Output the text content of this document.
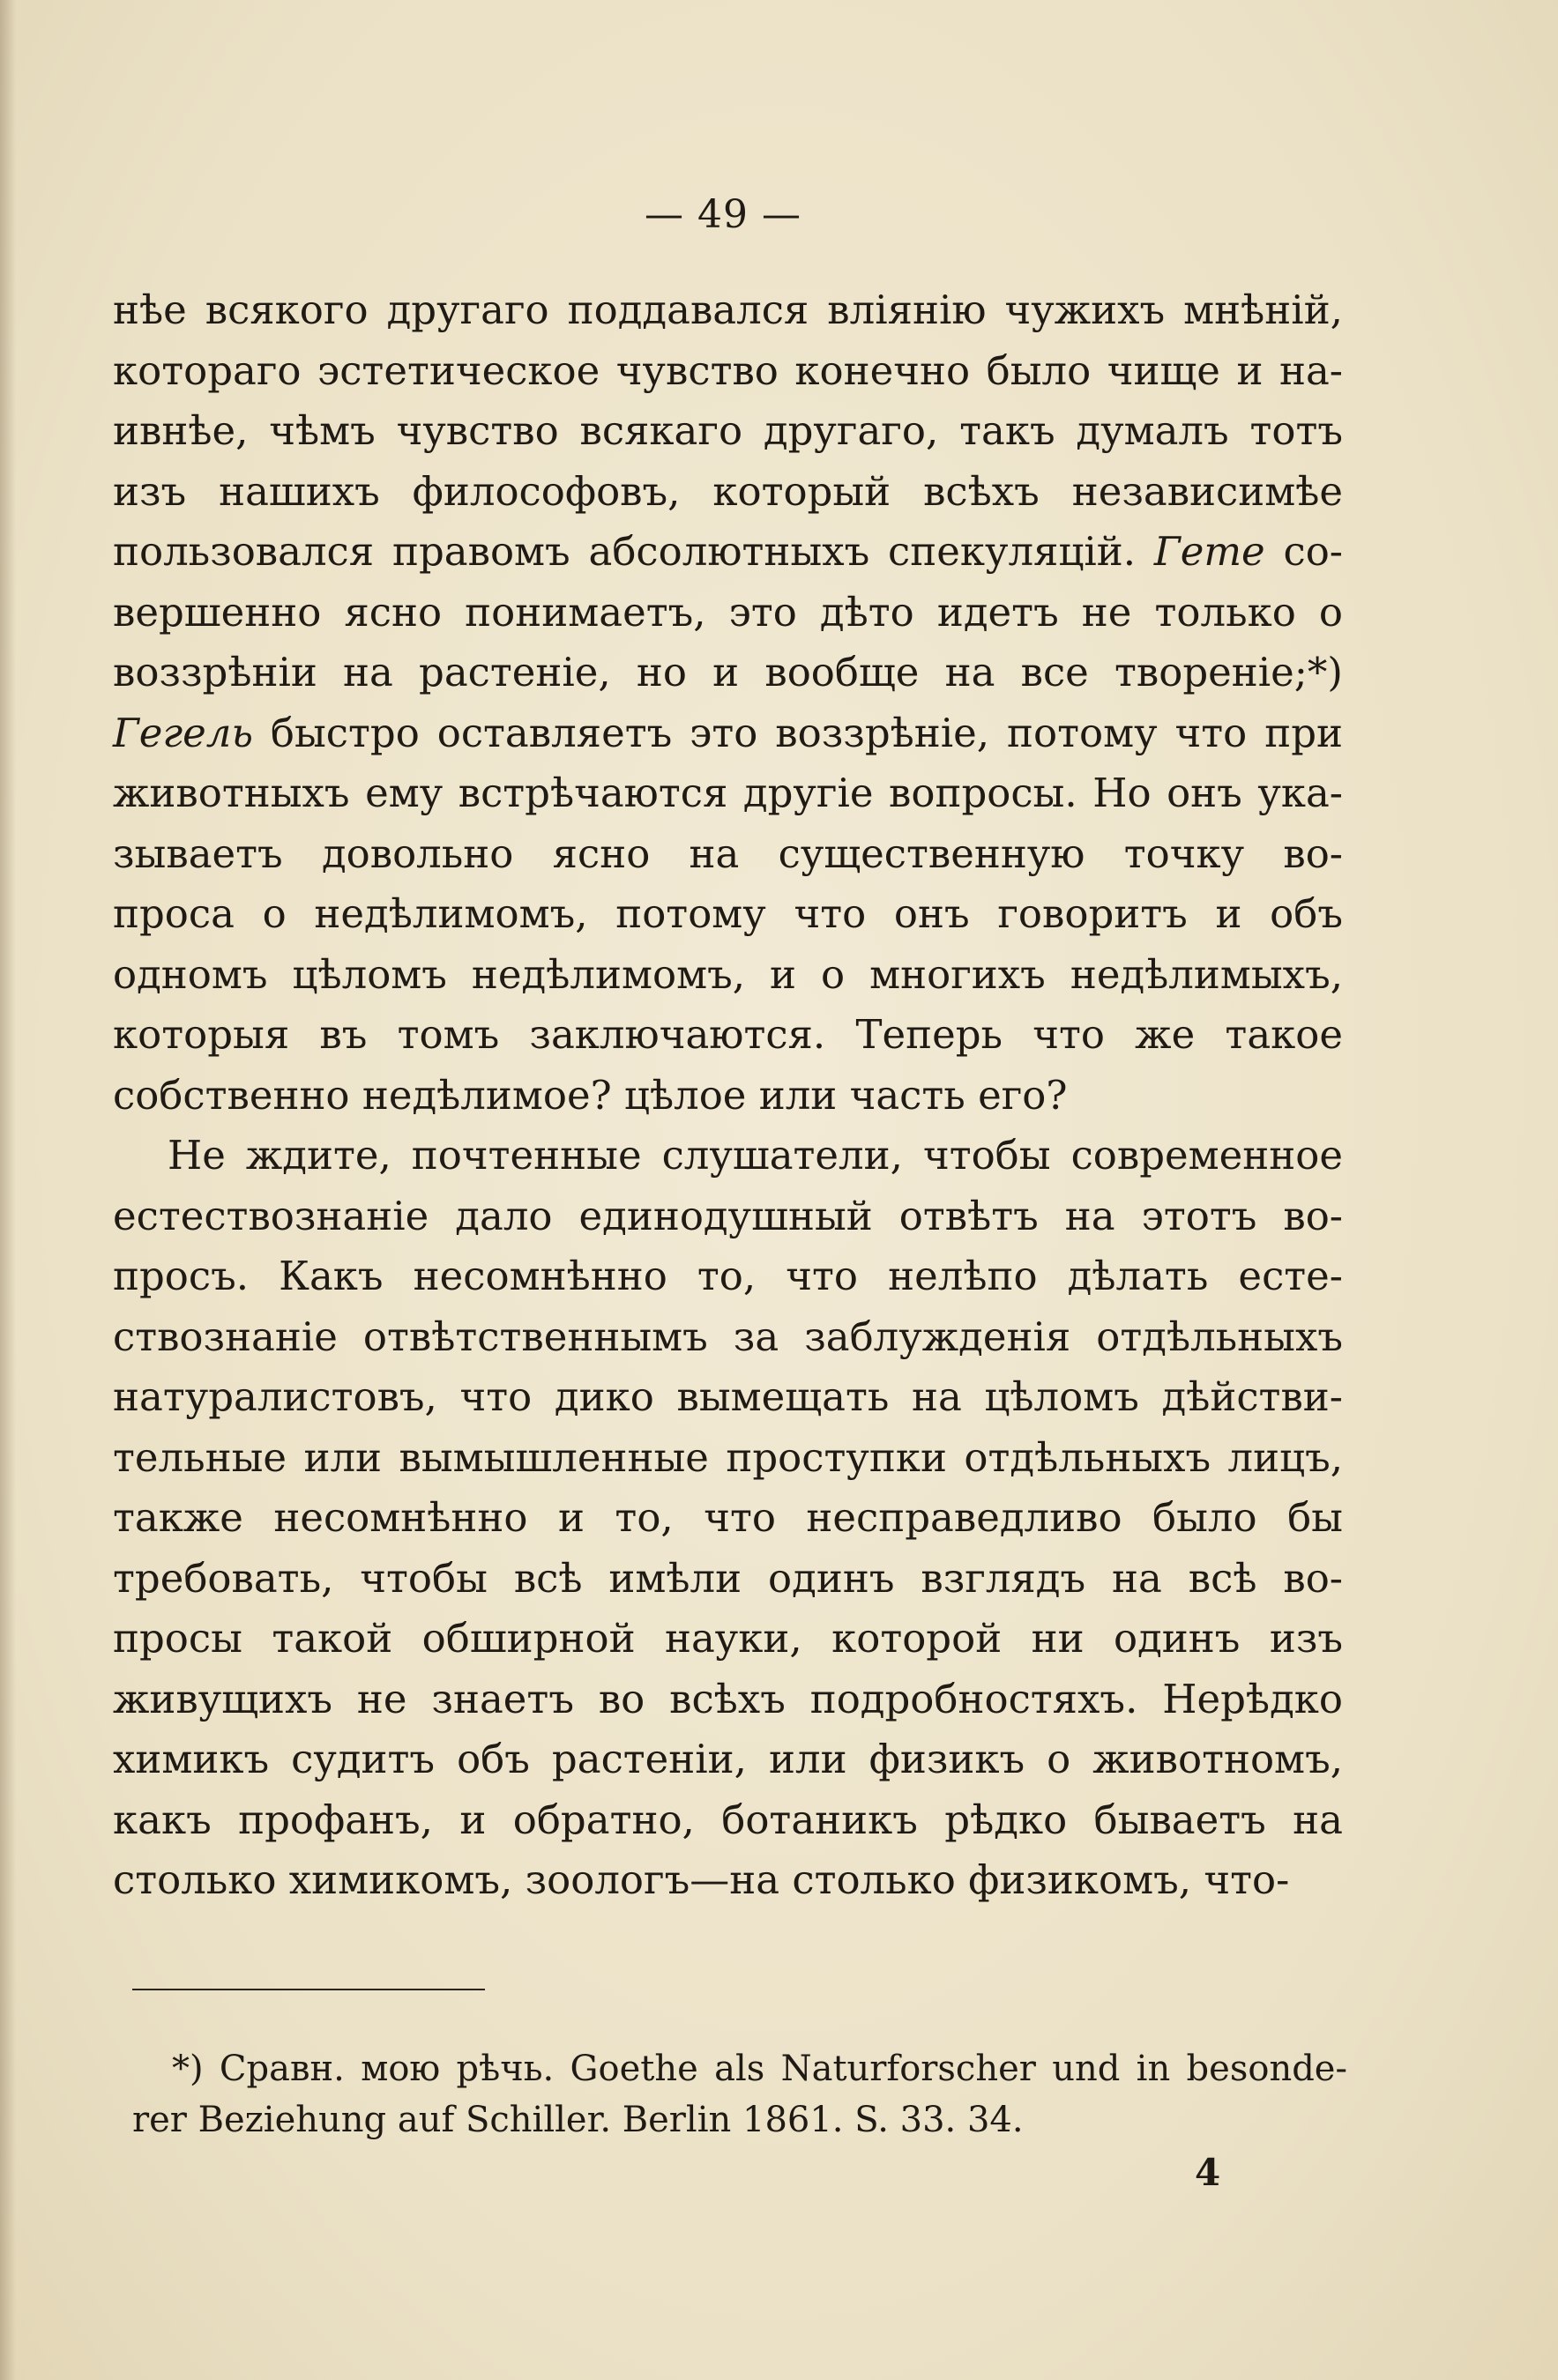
— 49 —
нѣе всякого другаго поддавался вліянію чужихъ мнѣній,
котораго эстетическое чувство конечно было чище и на-
ивнѣе, чѣмъ чувство всякаго другаго, такъ думалъ тотъ
изъ нашихъ философовъ, который всѣхъ независимѣе
пользовался правомъ абсолютныхъ спекуляцій. Гете со-
вершенно ясно понимаетъ, это дѣто идетъ не только о
воззрѣніи на растеніе, но и вообще на все твореніе;*)
Гегель быстро оставляетъ это воззрѣніе, потому что при
животныхъ ему встрѣчаются другіе вопросы. Но онъ ука-
зываетъ довольно ясно на существенную точку во-
проса о недѣлимомъ, потому что онъ говоритъ и объ
одномъ цѣломъ недѣлимомъ, и о многихъ недѣлимыхъ,
которыя въ томъ заключаются. Теперь что же такое
собственно недѣлимое? цѣлое или часть его?
Не ждите, почтенные слушатели, чтобы современное
естествознаніе дало единодушный отвѣтъ на этотъ во-
просъ. Какъ несомнѣнно то, что нелѣпо дѣлать есте-
ствознаніе отвѣтственнымъ за заблужденія отдѣльныхъ
натуралистовъ, что дико вымещать на цѣломъ дѣйстви-
тельные или вымышленные проступки отдѣльныхъ лицъ,
также несомнѣнно и то, что несправедливо было бы
требовать, чтобы всѣ имѣли одинъ взглядъ на всѣ во-
просы такой обширной науки, которой ни одинъ изъ
живущихъ не знаетъ во всѣхъ подробностяхъ. Нерѣдко
химикъ судитъ объ растеніи, или физикъ о животномъ,
какъ профанъ, и обратно, ботаникъ рѣдко бываетъ на
столько химикомъ, зоологъ—на столько физикомъ, что-
*) Сравн. мою рѣчь. Goethe als Naturforscher und in besonde-
rer Beziehung auf Schiller. Berlin 1861. S. 33. 34.
4
